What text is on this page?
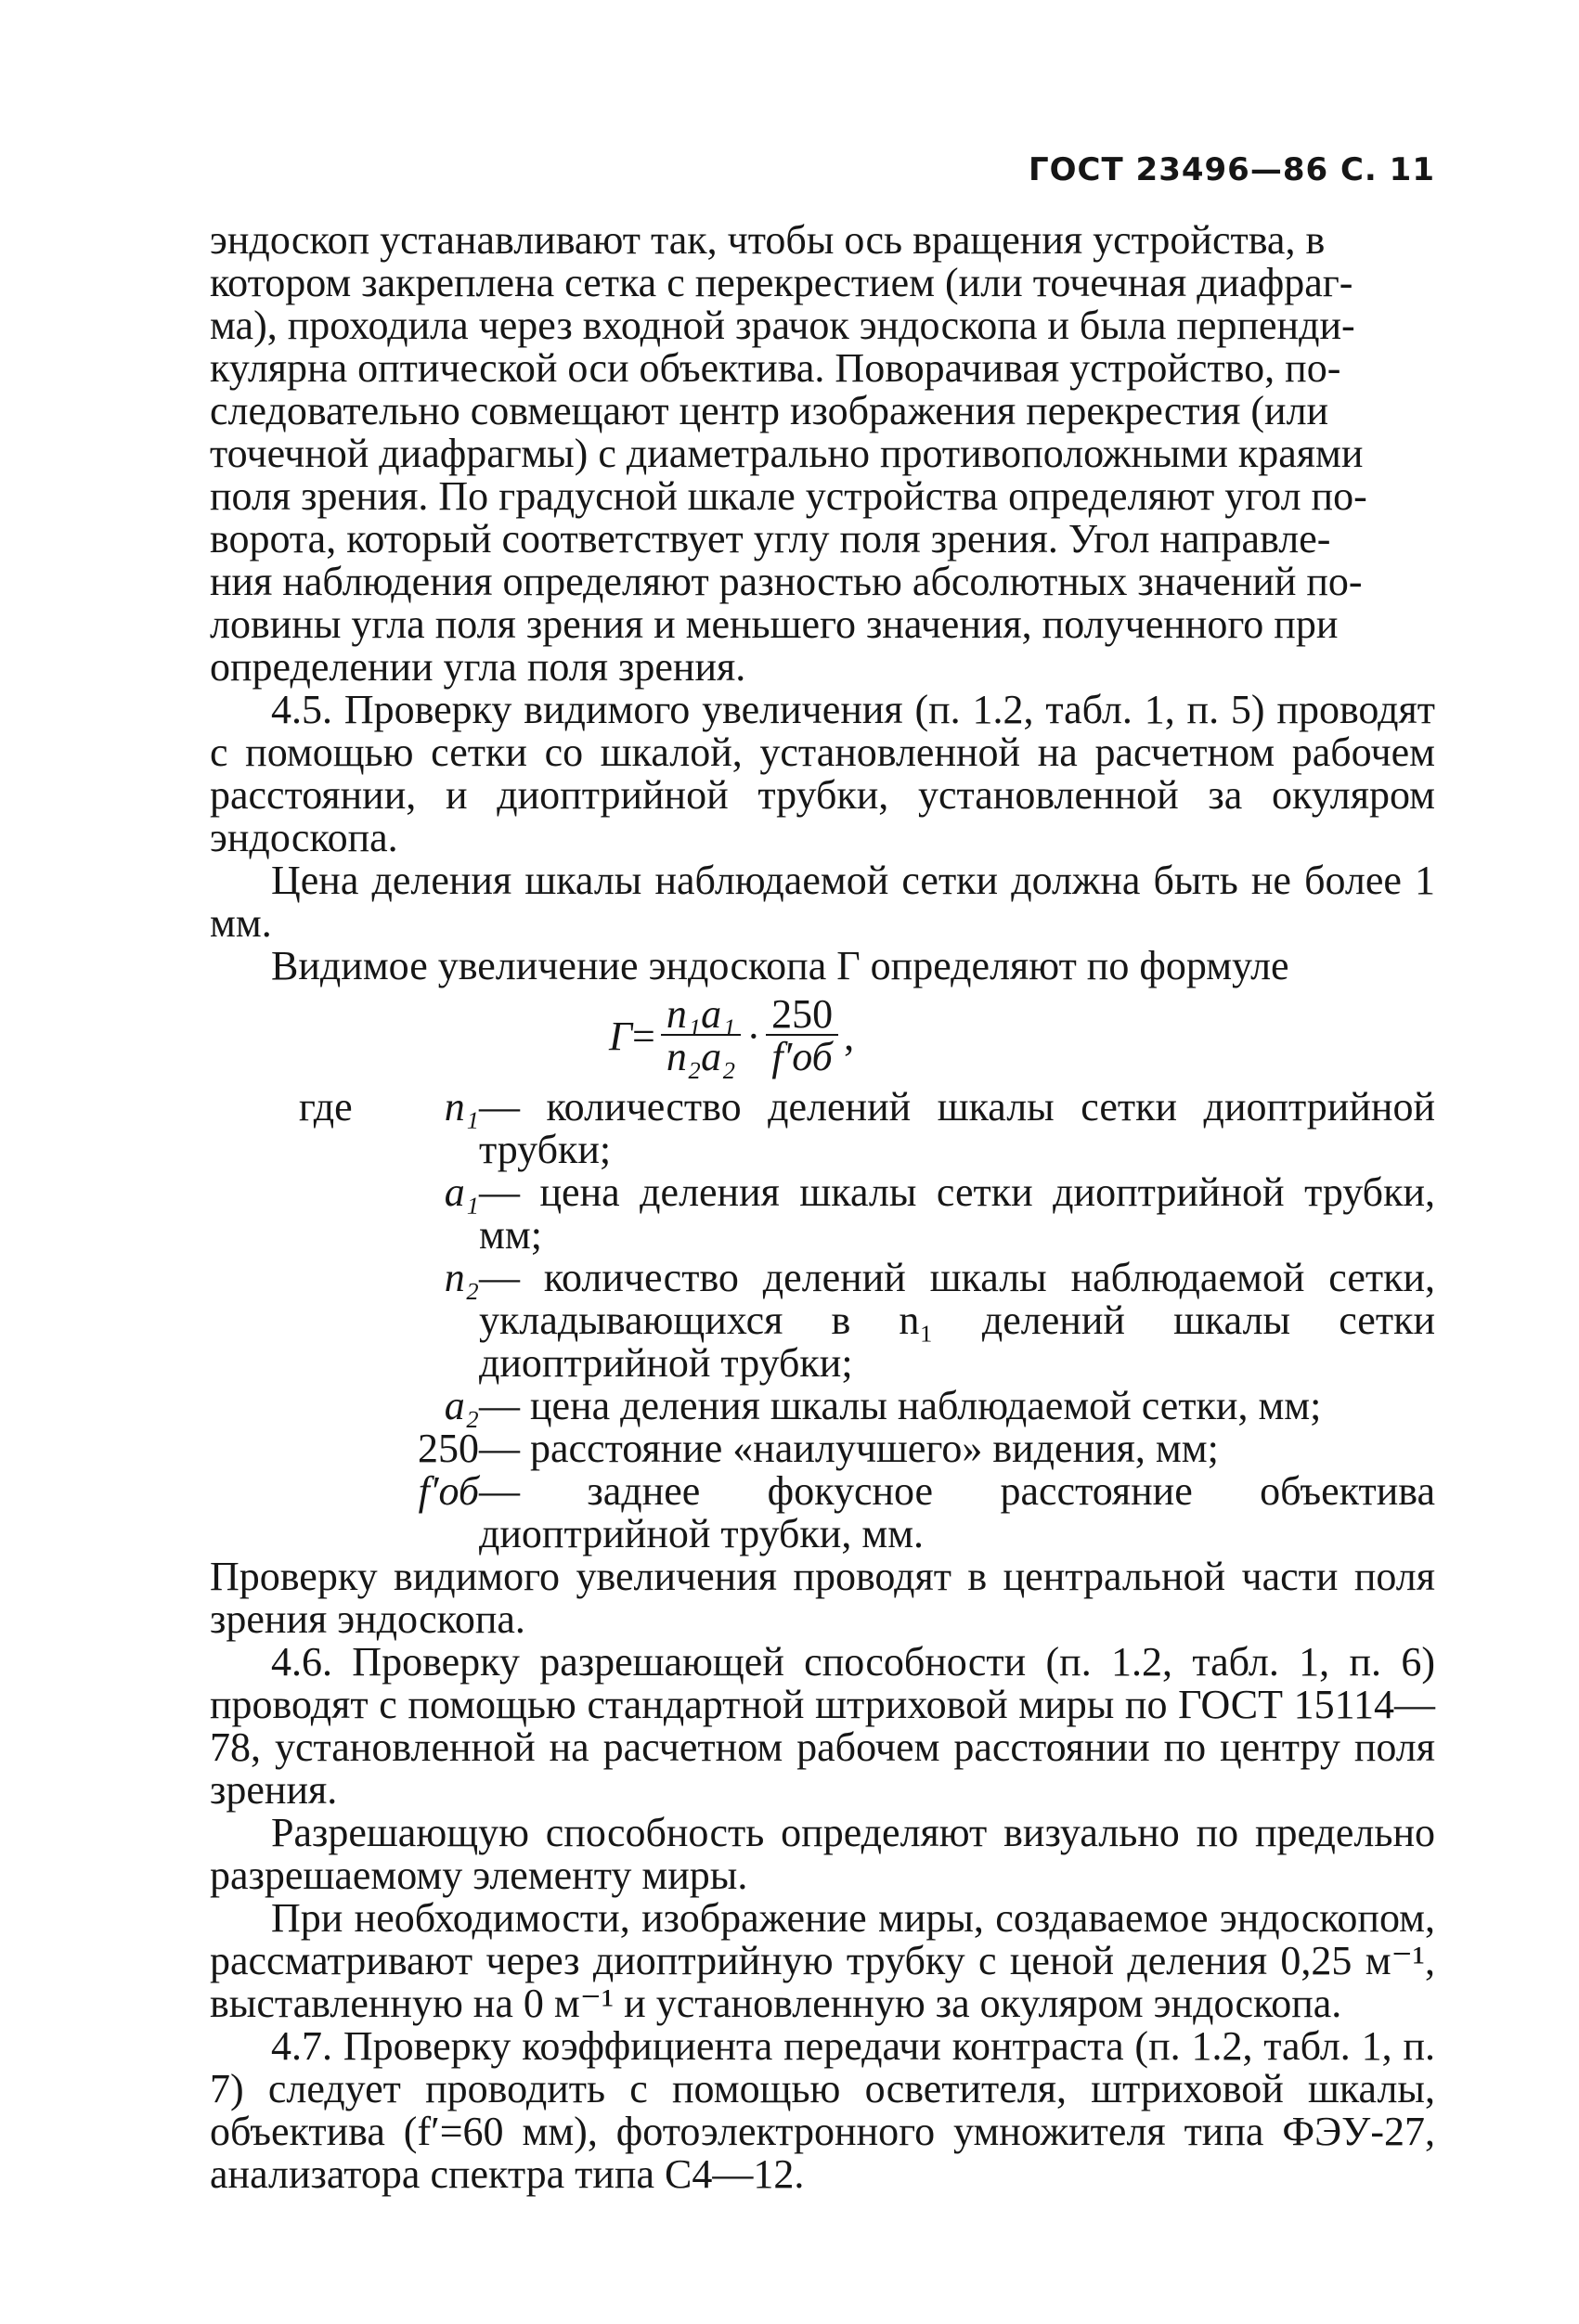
ГОСТ 23496—86 С. 11

эндоскоп устанавливают так, чтобы ось вращения устройства, в
котором закреплена сетка с перекрестием (или точечная диафраг-
ма), проходила через входной зрачок эндоскопа и была перпенди-
кулярна оптической оси объектива. Поворачивая устройство, по-
следовательно совмещают центр изображения перекрестия (или
точечной диафрагмы) с диаметрально противоположными краями
поля зрения. По градусной шкале устройства определяют угол по-
ворота, который соответствует углу поля зрения. Угол направле-
ния наблюдения определяют разностью абсолютных значений по-
ловины угла поля зрения и меньшего значения, полученного при
определении угла поля зрения.

4.5. Проверку видимого увеличения (п. 1.2, табл. 1, п. 5) проводят с помощью сетки со шкалой, установленной на расчетном рабочем расстоянии, и диоптрийной трубки, установленной за окуляром эндоскопа.

Цена деления шкалы наблюдаемой сетки должна быть не более 1 мм.

Видимое увеличение эндоскопа Г определяют по формуле

$Г = \frac{\text{n₁a₁}}{\text{n₂a₂}} \cdot \frac{250}{f'об}$ ,
где n₁ — количество делений шкалы сетки диоптрийной трубки;
a₁ — цена деления шкалы сетки диоптрийной трубки, мм;
n₂ — количество делений шкалы наблюдаемой сетки, укладывающихся в n₁ делений шкалы сетки диоптрийной трубки;
a₂ — цена деления шкалы наблюдаемой сетки, мм;
250 — расстояние «наилучшего» видения, мм;
f′об — заднее фокусное расстояние объектива диоптрийной трубки, мм.

Проверку видимого увеличения проводят в центральной части поля зрения эндоскопа.

4.6. Проверку разрешающей способности (п. 1.2, табл. 1, п. 6) проводят с помощью стандартной штриховой миры по ГОСТ 15114—78, установленной на расчетном рабочем расстоянии по центру поля зрения.

Разрешающую способность определяют визуально по предельно разрешаемому элементу миры.

При необходимости, изображение миры, создаваемое эндоскопом, рассматривают через диоптрийную трубку с ценой деления 0,25 м⁻¹, выставленную на 0 м⁻¹ и установленную за окуляром эндоскопа.

4.7. Проверку коэффициента передачи контраста (п. 1.2, табл. 1, п. 7) следует проводить с помощью осветителя, штриховой шкалы, объектива (f′=60 мм), фотоэлектронного умножителя типа ФЭУ-27, анализатора спектра типа С4—12.
